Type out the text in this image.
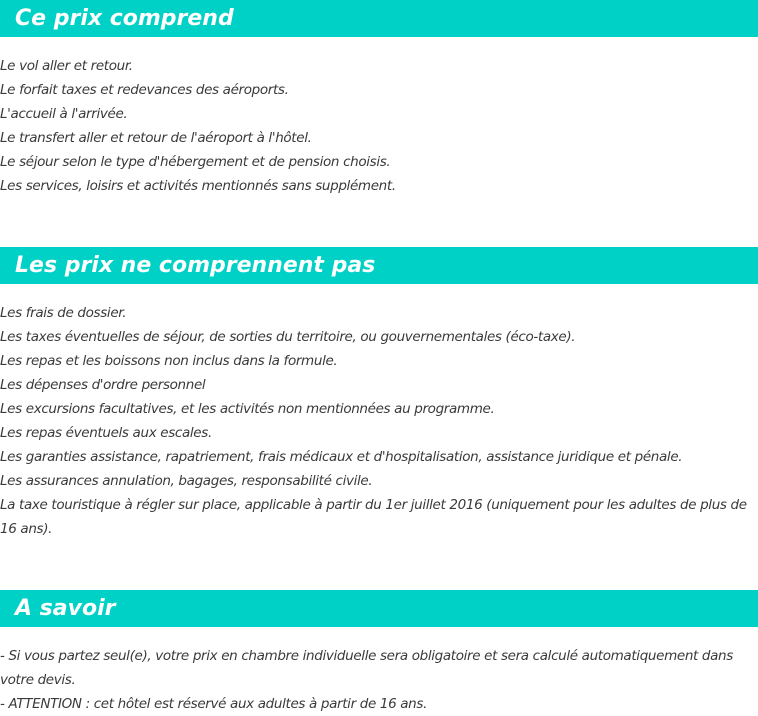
Ce prix comprend
Le vol aller et retour.
Le forfait taxes et redevances des aéroports.
L'accueil à l'arrivée.
Le transfert aller et retour de l'aéroport à l'hôtel.
Le séjour selon le type d'hébergement et de pension choisis.
Les services, loisirs et activités mentionnés sans supplément.
Les prix ne comprennent pas
Les frais de dossier.
Les taxes éventuelles de séjour, de sorties du territoire, ou gouvernementales (éco-taxe).
Les repas et les boissons non inclus dans la formule.
Les dépenses d'ordre personnel
Les excursions facultatives, et les activités non mentionnées au programme.
Les repas éventuels aux escales.
Les garanties assistance, rapatriement, frais médicaux et d'hospitalisation, assistance juridique et pénale.
Les assurances annulation, bagages, responsabilité civile.
La taxe touristique à régler sur place, applicable à partir du 1er juillet 2016 (uniquement pour les adultes de plus de 16 ans).
A savoir
- Si vous partez seul(e), votre prix en chambre individuelle sera obligatoire et sera calculé automatiquement dans votre devis.
- ATTENTION : cet hôtel est réservé aux adultes à partir de 16 ans.
